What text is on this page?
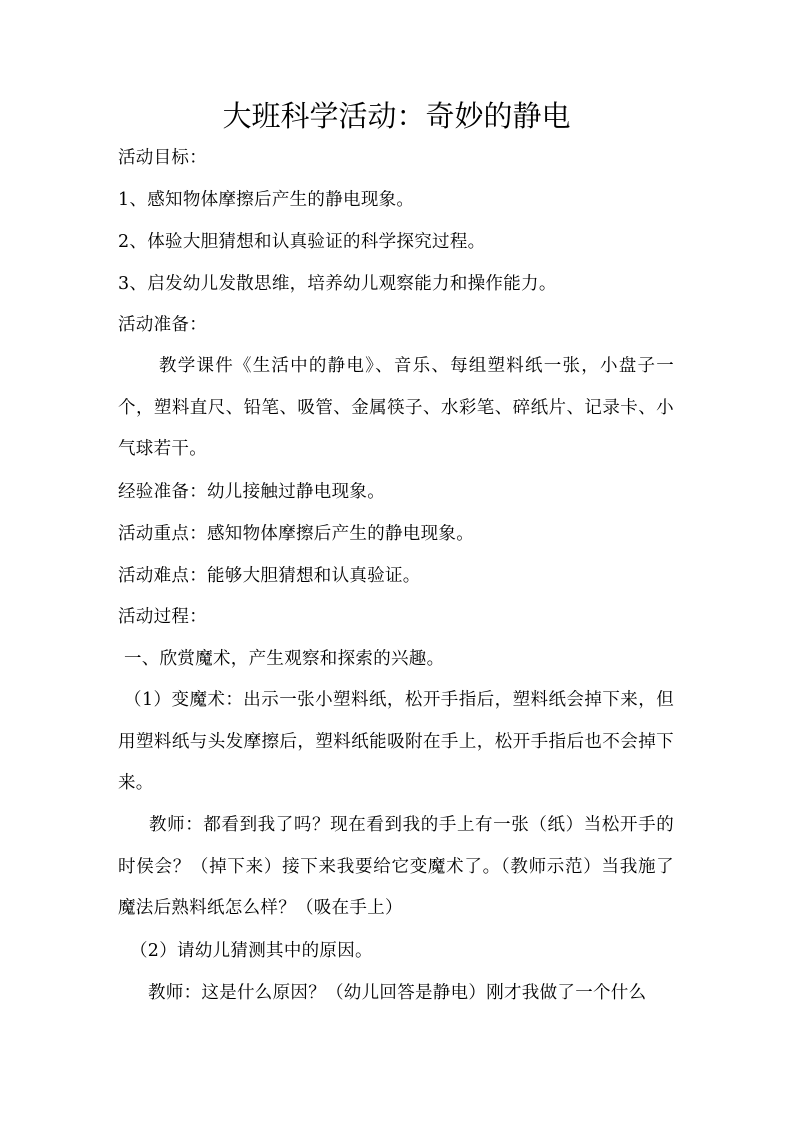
大班科学活动：奇妙的静电

活动目标：

1、感知物体摩擦后产生的静电现象。

2、体验大胆猜想和认真验证的科学探究过程。

3、启发幼儿发散思维，培养幼儿观察能力和操作能力。

活动准备：

教学课件《生活中的静电》、音乐、每组塑料纸一张，小盘子一个，塑料直尺、铅笔、吸管、金属筷子、水彩笔、碎纸片、记录卡、小气球若干。

经验准备：幼儿接触过静电现象。

活动重点：感知物体摩擦后产生的静电现象。

活动难点：能够大胆猜想和认真验证。

活动过程：

一、欣赏魔术，产生观察和探索的兴趣。

（1）变魔术：出示一张小塑料纸，松开手指后，塑料纸会掉下来，但用塑料纸与头发摩擦后，塑料纸能吸附在手上，松开手指后也不会掉下来。

教师：都看到我了吗？现在看到我的手上有一张（纸）当松开手的时侯会？（掉下来）接下来我要给它变魔术了。（教师示范）当我施了魔法后熟料纸怎么样？（吸在手上）

（2）请幼儿猜测其中的原因。

教师：这是什么原因？（幼儿回答是静电）刚才我做了一个什么
